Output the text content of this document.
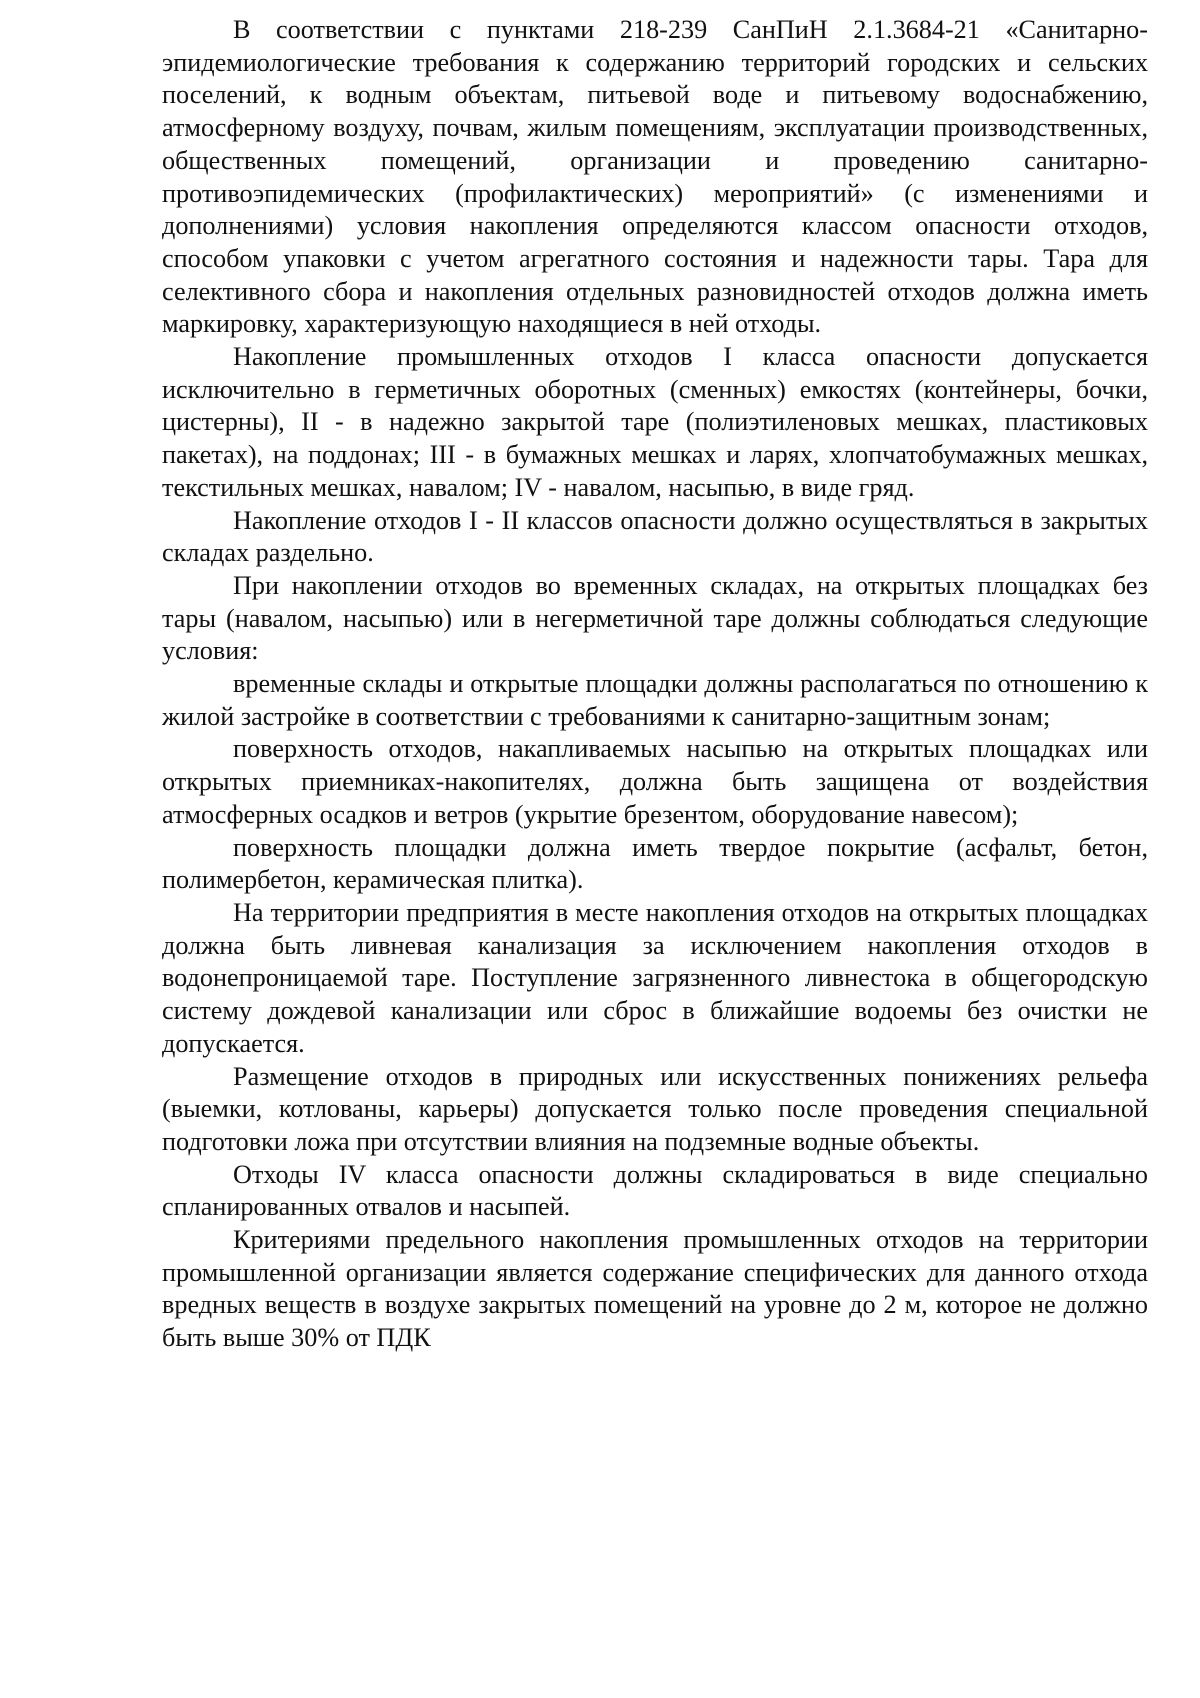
В соответствии с пунктами 218-239 СанПиН 2.1.3684-21 «Санитарно-эпидемиологические требования к содержанию территорий городских и сельских поселений, к водным объектам, питьевой воде и питьевому водоснабжению, атмосферному воздуху, почвам, жилым помещениям, эксплуатации производственных, общественных помещений, организации и проведению санитарно-противоэпидемических (профилактических) мероприятий» (с изменениями и дополнениями) условия накопления определяются классом опасности отходов, способом упаковки с учетом агрегатного состояния и надежности тары. Тара для селективного сбора и накопления отдельных разновидностей отходов должна иметь маркировку, характеризующую находящиеся в ней отходы.

Накопление промышленных отходов I класса опасности допускается исключительно в герметичных оборотных (сменных) емкостях (контейнеры, бочки, цистерны), II - в надежно закрытой таре (полиэтиленовых мешках, пластиковых пакетах), на поддонах; III - в бумажных мешках и ларях, хлопчатобумажных мешках, текстильных мешках, навалом; IV - навалом, насыпью, в виде гряд.

Накопление отходов I - II классов опасности должно осуществляться в закрытых складах раздельно.

При накоплении отходов во временных складах, на открытых площадках без тары (навалом, насыпью) или в негерметичной таре должны соблюдаться следующие условия:

временные склады и открытые площадки должны располагаться по отношению к жилой застройке в соответствии с требованиями к санитарно-защитным зонам;

поверхность отходов, накапливаемых насыпью на открытых площадках или открытых приемниках-накопителях, должна быть защищена от воздействия атмосферных осадков и ветров (укрытие брезентом, оборудование навесом);

поверхность площадки должна иметь твердое покрытие (асфальт, бетон, полимербетон, керамическая плитка).

На территории предприятия в месте накопления отходов на открытых площадках должна быть ливневая канализация за исключением накопления отходов в водонепроницаемой таре. Поступление загрязненного ливнестока в общегородскую систему дождевой канализации или сброс в ближайшие водоемы без очистки не допускается.

Размещение отходов в природных или искусственных понижениях рельефа (выемки, котлованы, карьеры) допускается только после проведения специальной подготовки ложа при отсутствии влияния на подземные водные объекты.

Отходы IV класса опасности должны складироваться в виде специально спланированных отвалов и насыпей.

Критериями предельного накопления промышленных отходов на территории промышленной организации является содержание специфических для данного отхода вредных веществ в воздухе закрытых помещений на уровне до 2 м, которое не должно быть выше 30% от ПДК
